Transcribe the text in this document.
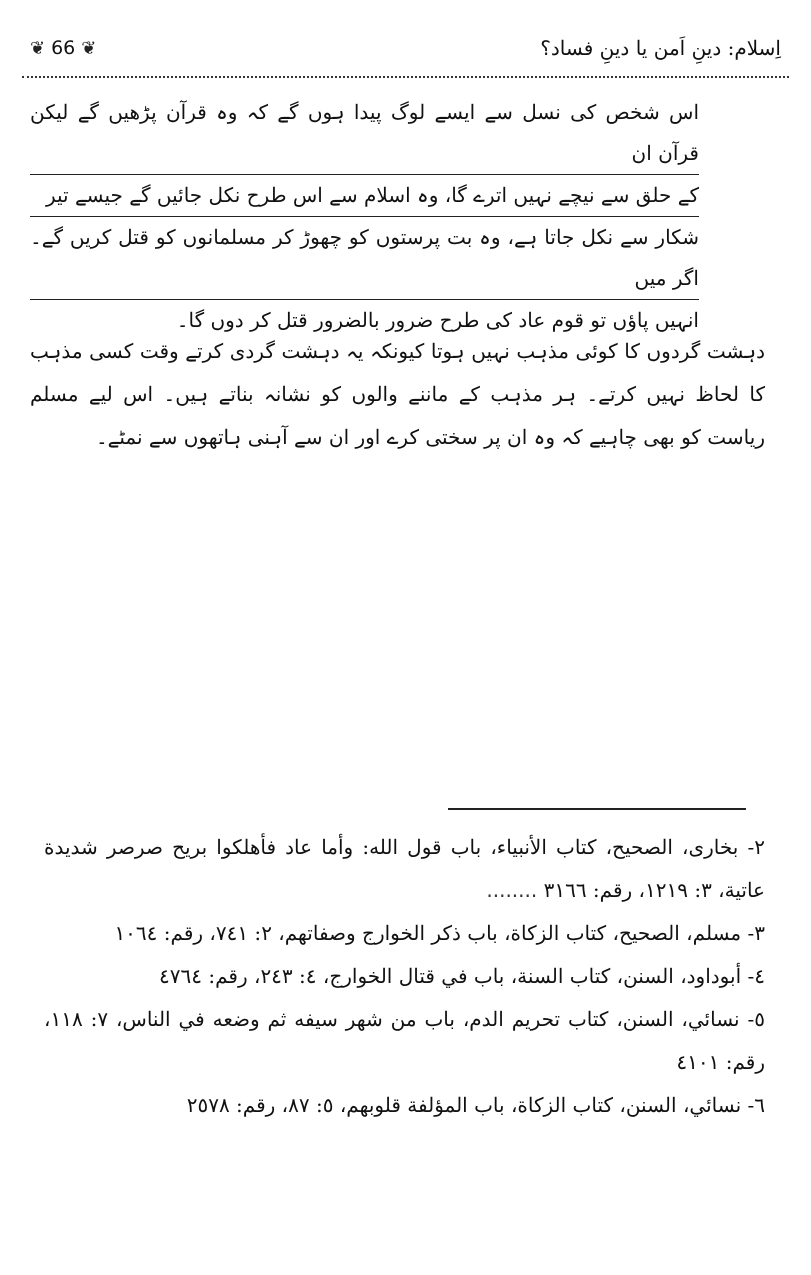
❦ 66 ❦	اِسلام: دینِ اَمن یا دینِ فساد؟
اس شخص کی نسل سے ایسے لوگ پیدا ہوں گے کہ وہ قرآن پڑھیں گے لیکن قرآن ان
کے حلق سے نیچے نہیں اترے گا، وہ اسلام سے اس طرح نکل جائیں گے جیسے تیر
شکار سے نکل جاتا ہے، وہ بت پرستوں کو چھوڑ کر مسلمانوں کو قتل کریں گے۔ اگر میں
انہیں پاؤں تو قوم عاد کی طرح ضرور بالضرور قتل کر دوں گا۔

دہشت گردوں کا کوئی مذہب نہیں ہوتا کیونکہ یہ دہشت گردی کرتے وقت کسی مذہب کا لحاظ نہیں کرتے۔ ہر مذہب کے ماننے والوں کو نشانہ بناتے ہیں۔ اس لیے مسلم ریاست کو بھی چاہیے کہ وہ ان پر سختی کرے اور ان سے آہنی ہاتھوں سے نمٹے۔

٢- بخاری، الصحیح، کتاب الأنبياء، باب قول الله: وأما عاد فأهلكوا بريح صرصر شديدة عاتية، ٣: ١٢١٩، رقم: ٣١٦٦ ........

٣- مسلم، الصحيح، كتاب الزكاة، باب ذكر الخوارج وصفاتهم، ٢: ٧٤١، رقم: ١٠٦٤

٤- أبوداود، السنن، كتاب السنة، باب في قتال الخوارج، ٤: ٢٤٣، رقم: ٤٧٦٤

٥- نسائي، السنن، كتاب تحريم الدم، باب من شهر سيفه ثم وضعه في الناس، ٧: ١١٨، رقم: ٤١٠١

٦- نسائي، السنن، كتاب الزكاة، باب المؤلفة قلوبهم، ٥: ٨٧، رقم: ٢٥٧٨
